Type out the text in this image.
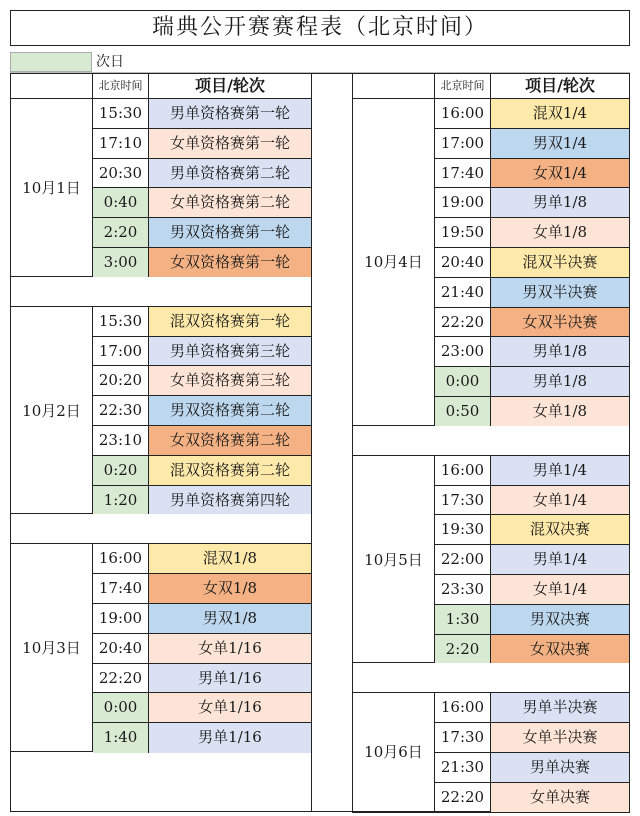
瑞典公开赛赛程表（北京时间）
次日
北京时间	项目/轮次
10月1日
15:30	男单资格赛第一轮
17:10	女单资格赛第一轮
20:30	男单资格赛第二轮
0:40	女单资格赛第二轮
2:20	男双资格赛第一轮
3:00	女双资格赛第一轮
10月2日
15:30	混双资格赛第一轮
17:00	男单资格赛第三轮
20:20	女单资格赛第三轮
22:30	男双资格赛第二轮
23:10	女双资格赛第二轮
0:20	混双资格赛第二轮
1:20	男单资格赛第四轮
10月3日
16:00	混双1/8
17:40	女双1/8
19:00	男双1/8
20:40	女单1/16
22:20	男单1/16
0:00	女单1/16
1:40	男单1/16
北京时间	项目/轮次
10月4日
16:00	混双1/4
17:00	男双1/4
17:40	女双1/4
19:00	男单1/8
19:50	女单1/8
20:40	混双半决赛
21:40	男双半决赛
22:20	女双半决赛
23:00	男单1/8
0:00	男单1/8
0:50	女单1/8
10月5日
16:00	男单1/4
17:30	女单1/4
19:30	混双决赛
22:00	男单1/4
23:30	女单1/4
1:30	男双决赛
2:20	女双决赛
10月6日
16:00	男单半决赛
17:30	女单半决赛
21:30	男单决赛
22:20	女单决赛
